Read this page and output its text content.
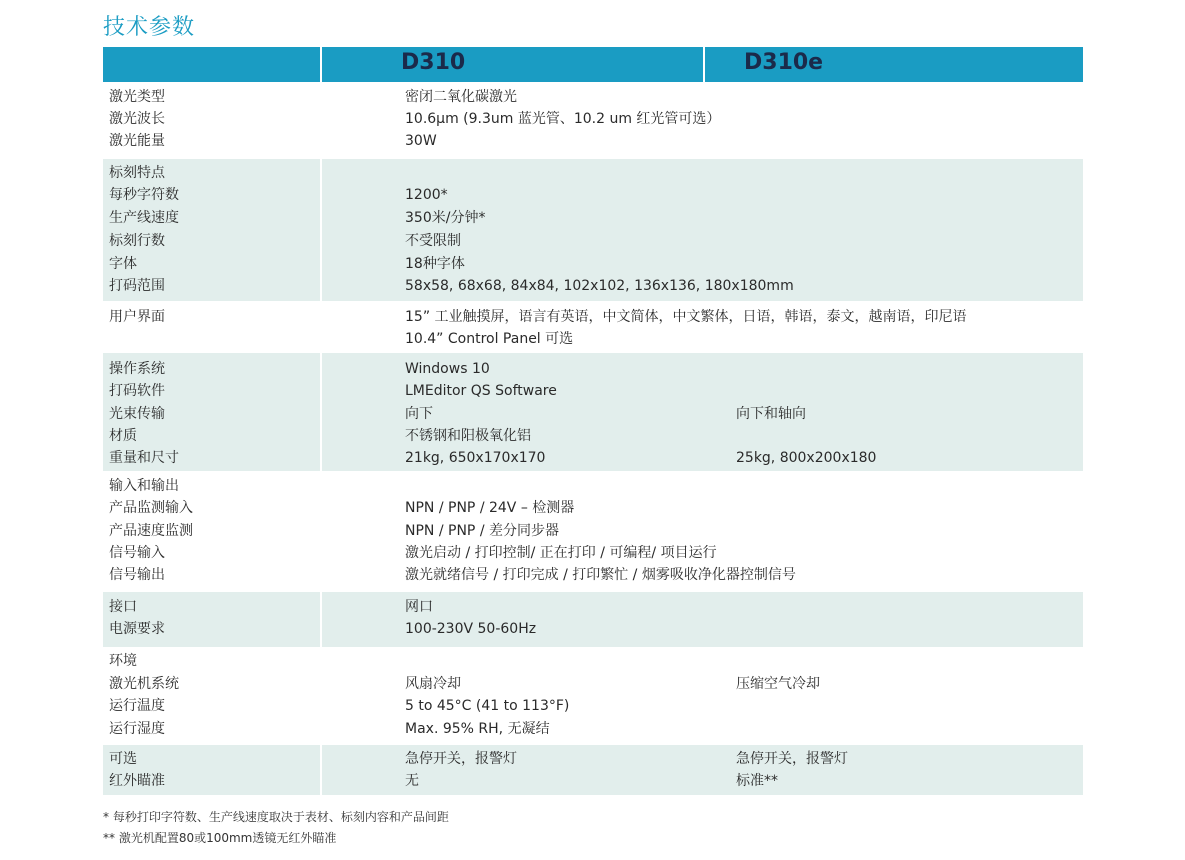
技术参数
D310	D310e
激光类型	密闭二氧化碳激光
激光波长	10.6µm (9.3um 蓝光管、10.2 um 红光管可选）
激光能量	30W
标刻特点
每秒字符数	1200*
生产线速度	350米/分钟*
标刻行数	不受限制
字体	18种字体
打码范围	58x58, 68x68, 84x84, 102x102, 136x136, 180x180mm
用户界面	15” 工业触摸屏，语言有英语，中文简体，中文繁体，日语，韩语，泰文，越南语，印尼语
10.4” Control Panel 可选
操作系统	Windows 10
打码软件	LMEditor QS Software
光束传输	向下	向下和轴向
材质	不锈钢和阳极氧化铝
重量和尺寸	21kg, 650x170x170	25kg, 800x200x180
输入和输出
产品监测输入	NPN / PNP / 24V – 检测器
产品速度监测	NPN / PNP / 差分同步器
信号输入	激光启动 / 打印控制/ 正在打印 / 可编程/ 项目运行
信号输出	激光就绪信号 / 打印完成 / 打印繁忙 / 烟雾吸收净化器控制信号
接口	网口
电源要求	100-230V 50-60Hz
环境
激光机系统	风扇冷却	压缩空气冷却
运行温度	5 to 45°C (41 to 113°F)
运行湿度	Max. 95% RH, 无凝结
可选	急停开关，报警灯	急停开关，报警灯
红外瞄准	无	标准**
* 每秒打印字符数、生产线速度取决于表材、标刻内容和产品间距
** 激光机配置80或100mm透镜无红外瞄准
